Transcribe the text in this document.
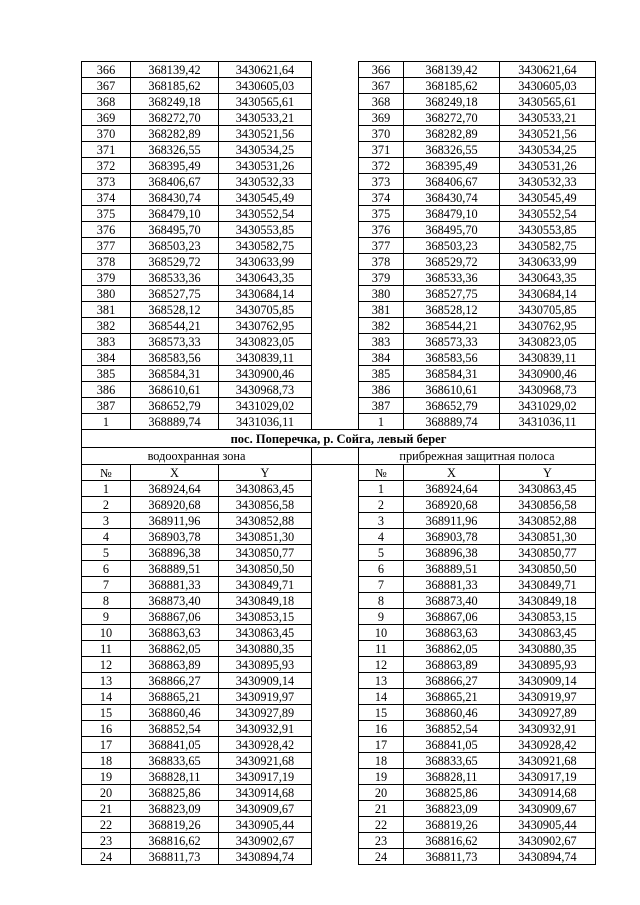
366	368139,42	3430621,64		366	368139,42	3430621,64
367	368185,62	3430605,03		367	368185,62	3430605,03
368	368249,18	3430565,61		368	368249,18	3430565,61
369	368272,70	3430533,21		369	368272,70	3430533,21
370	368282,89	3430521,56		370	368282,89	3430521,56
371	368326,55	3430534,25		371	368326,55	3430534,25
372	368395,49	3430531,26		372	368395,49	3430531,26
373	368406,67	3430532,33		373	368406,67	3430532,33
374	368430,74	3430545,49		374	368430,74	3430545,49
375	368479,10	3430552,54		375	368479,10	3430552,54
376	368495,70	3430553,85		376	368495,70	3430553,85
377	368503,23	3430582,75		377	368503,23	3430582,75
378	368529,72	3430633,99		378	368529,72	3430633,99
379	368533,36	3430643,35		379	368533,36	3430643,35
380	368527,75	3430684,14		380	368527,75	3430684,14
381	368528,12	3430705,85		381	368528,12	3430705,85
382	368544,21	3430762,95		382	368544,21	3430762,95
383	368573,33	3430823,05		383	368573,33	3430823,05
384	368583,56	3430839,11		384	368583,56	3430839,11
385	368584,31	3430900,46		385	368584,31	3430900,46
386	368610,61	3430968,73		386	368610,61	3430968,73
387	368652,79	3431029,02		387	368652,79	3431029,02
1	368889,74	3431036,11		1	368889,74	3431036,11
пос. Поперечка, р. Сойга, левый берег						
водоохранная зона				прибрежная защитная полоса		
№	X	Y		№	X	Y
1	368924,64	3430863,45		1	368924,64	3430863,45
2	368920,68	3430856,58		2	368920,68	3430856,58
3	368911,96	3430852,88		3	368911,96	3430852,88
4	368903,78	3430851,30		4	368903,78	3430851,30
5	368896,38	3430850,77		5	368896,38	3430850,77
6	368889,51	3430850,50		6	368889,51	3430850,50
7	368881,33	3430849,71		7	368881,33	3430849,71
8	368873,40	3430849,18		8	368873,40	3430849,18
9	368867,06	3430853,15		9	368867,06	3430853,15
10	368863,63	3430863,45		10	368863,63	3430863,45
11	368862,05	3430880,35		11	368862,05	3430880,35
12	368863,89	3430895,93		12	368863,89	3430895,93
13	368866,27	3430909,14		13	368866,27	3430909,14
14	368865,21	3430919,97		14	368865,21	3430919,97
15	368860,46	3430927,89		15	368860,46	3430927,89
16	368852,54	3430932,91		16	368852,54	3430932,91
17	368841,05	3430928,42		17	368841,05	3430928,42
18	368833,65	3430921,68		18	368833,65	3430921,68
19	368828,11	3430917,19		19	368828,11	3430917,19
20	368825,86	3430914,68		20	368825,86	3430914,68
21	368823,09	3430909,67		21	368823,09	3430909,67
22	368819,26	3430905,44		22	368819,26	3430905,44
23	368816,62	3430902,67		23	368816,62	3430902,67
24	368811,73	3430894,74		24	368811,73	3430894,74
